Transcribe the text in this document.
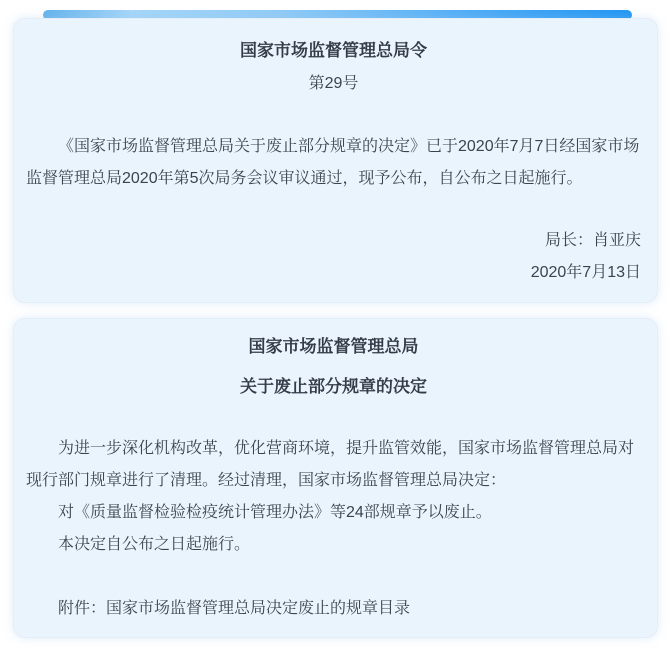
国家市场监督管理总局令
第29号

《国家市场监督管理总局关于废止部分规章的决定》已于2020年7月7日经国家市场监督管理总局2020年第5次局务会议审议通过，现予公布，自公布之日起施行。

局长：肖亚庆
2020年7月13日
国家市场监督管理总局
关于废止部分规章的决定

为进一步深化机构改革，优化营商环境，提升监管效能，国家市场监督管理总局对现行部门规章进行了清理。经过清理，国家市场监督管理总局决定：

对《质量监督检验检疫统计管理办法》等24部规章予以废止。

本决定自公布之日起施行。

附件：国家市场监督管理总局决定废止的规章目录
